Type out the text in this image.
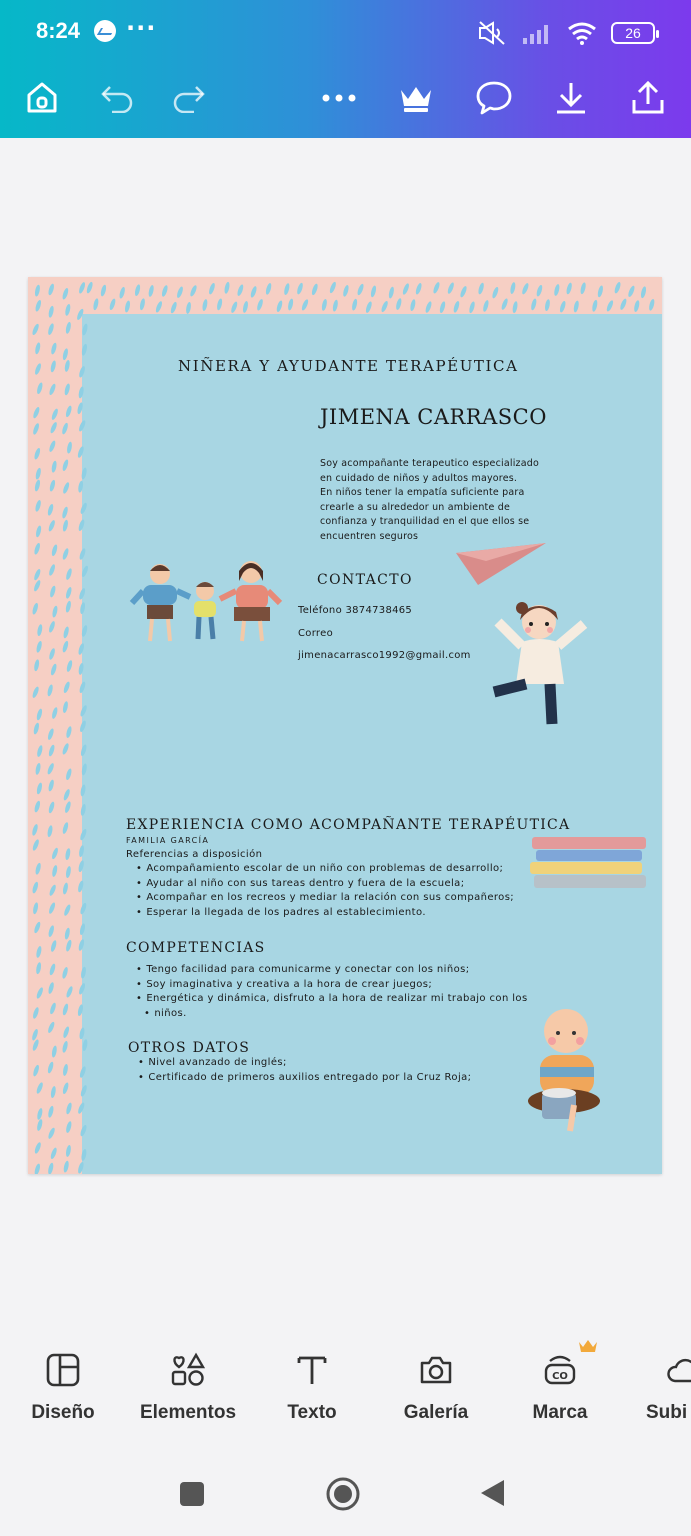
8:24 ···	26
NIÑERA Y AYUDANTE TERAPÉUTICA
JIMENA CARRASCO
Soy acompañante terapeutico especializado
en cuidado de niños y adultos mayores.
En niños tener la empatía suficiente para
crearle a su alrededor un ambiente de
confianza y tranquilidad en el que ellos se
encuentren seguros
CONTACTO
Teléfono 3874738465
Correo
jimenacarrasco1992@gmail.com
EXPERIENCIA COMO ACOMPAÑANTE TERAPÉUTICA
FAMILIA GARCÍA
Referencias a disposición
• Acompañamiento escolar de un niño con problemas de desarrollo;
• Ayudar al niño con sus tareas dentro y fuera de la escuela;
• Acompañar en los recreos y mediar la relación con sus compañeros;
• Esperar la llegada de los padres al establecimiento.
COMPETENCIAS
• Tengo facilidad para comunicarme y conectar con los niños;
• Soy imaginativa y creativa a la hora de crear juegos;
• Energética y dinámica, disfruto a la hora de realizar mi trabajo con los
• niños.
OTROS DATOS
• Nivel avanzado de inglés;
• Certificado de primeros auxilios entregado por la Cruz Roja;
Diseño Elementos	Texto	Galería
CO
Marca	Subi
